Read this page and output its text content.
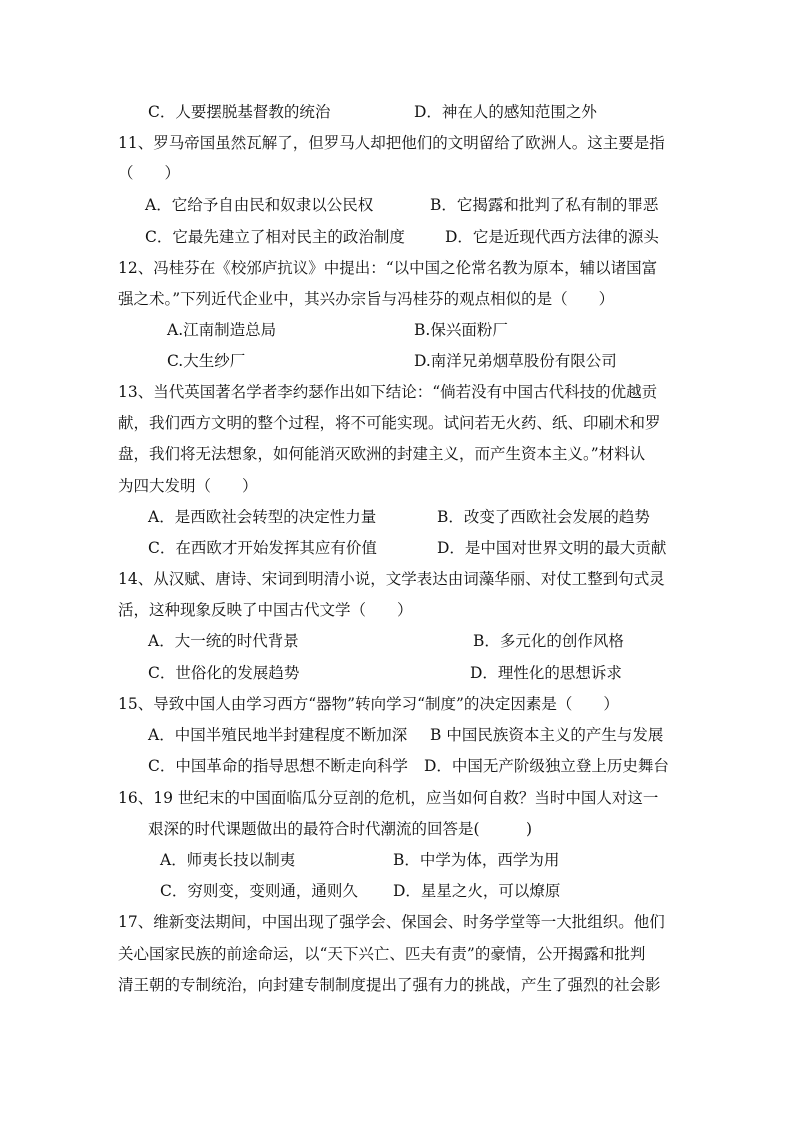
C．人要摆脱基督教的统治	D．神在人的感知范围之外
11、罗马帝国虽然瓦解了，但罗马人却把他们的文明留给了欧洲人。这主要是指
（　　）
A．它给予自由民和奴隶以公民权	B．它揭露和批判了私有制的罪恶
C．它最先建立了相对民主的政治制度	D．它是近现代西方法律的源头
12、冯桂芬在《校邠庐抗议》中提出：“以中国之伦常名教为原本，辅以诸国富
强之术。”下列近代企业中，其兴办宗旨与冯桂芬的观点相似的是（　　）
A.江南制造总局	B.保兴面粉厂
C.大生纱厂	D.南洋兄弟烟草股份有限公司
13、当代英国著名学者李约瑟作出如下结论：“倘若没有中国古代科技的优越贡
献，我们西方文明的整个过程，将不可能实现。试问若无火药、纸、印刷术和罗
盘，我们将无法想象，如何能消灭欧洲的封建主义，而产生资本主义。”材料认
为四大发明（　　）
A．是西欧社会转型的决定性力量	B．改变了西欧社会发展的趋势
C．在西欧才开始发挥其应有价值	D．是中国对世界文明的最大贡献
14、从汉赋、唐诗、宋词到明清小说，文学表达由词藻华丽、对仗工整到句式灵
活，这种现象反映了中国古代文学（　　）
A．大一统的时代背景	B．多元化的创作风格
C．世俗化的发展趋势	D．理性化的思想诉求
15、导致中国人由学习西方“器物”转向学习“制度”的决定因素是（　　）
A．中国半殖民地半封建程度不断加深 B 中国民族资本主义的产生与发展
C．中国革命的指导思想不断走向科学 D．中国无产阶级独立登上历史舞台
16、19 世纪末的中国面临瓜分豆剖的危机，应当如何自救？当时中国人对这一
艰深的时代课题做出的最符合时代潮流的回答是(　　　)
A．师夷长技以制夷	B．中学为体，西学为用
C．穷则变，变则通，通则久 D．星星之火，可以燎原
17、维新变法期间，中国出现了强学会、保国会、时务学堂等一大批组织。他们
关心国家民族的前途命运，以“天下兴亡、匹夫有责”的豪情，公开揭露和批判
清王朝的专制统治，向封建专制制度提出了强有力的挑战，产生了强烈的社会影
